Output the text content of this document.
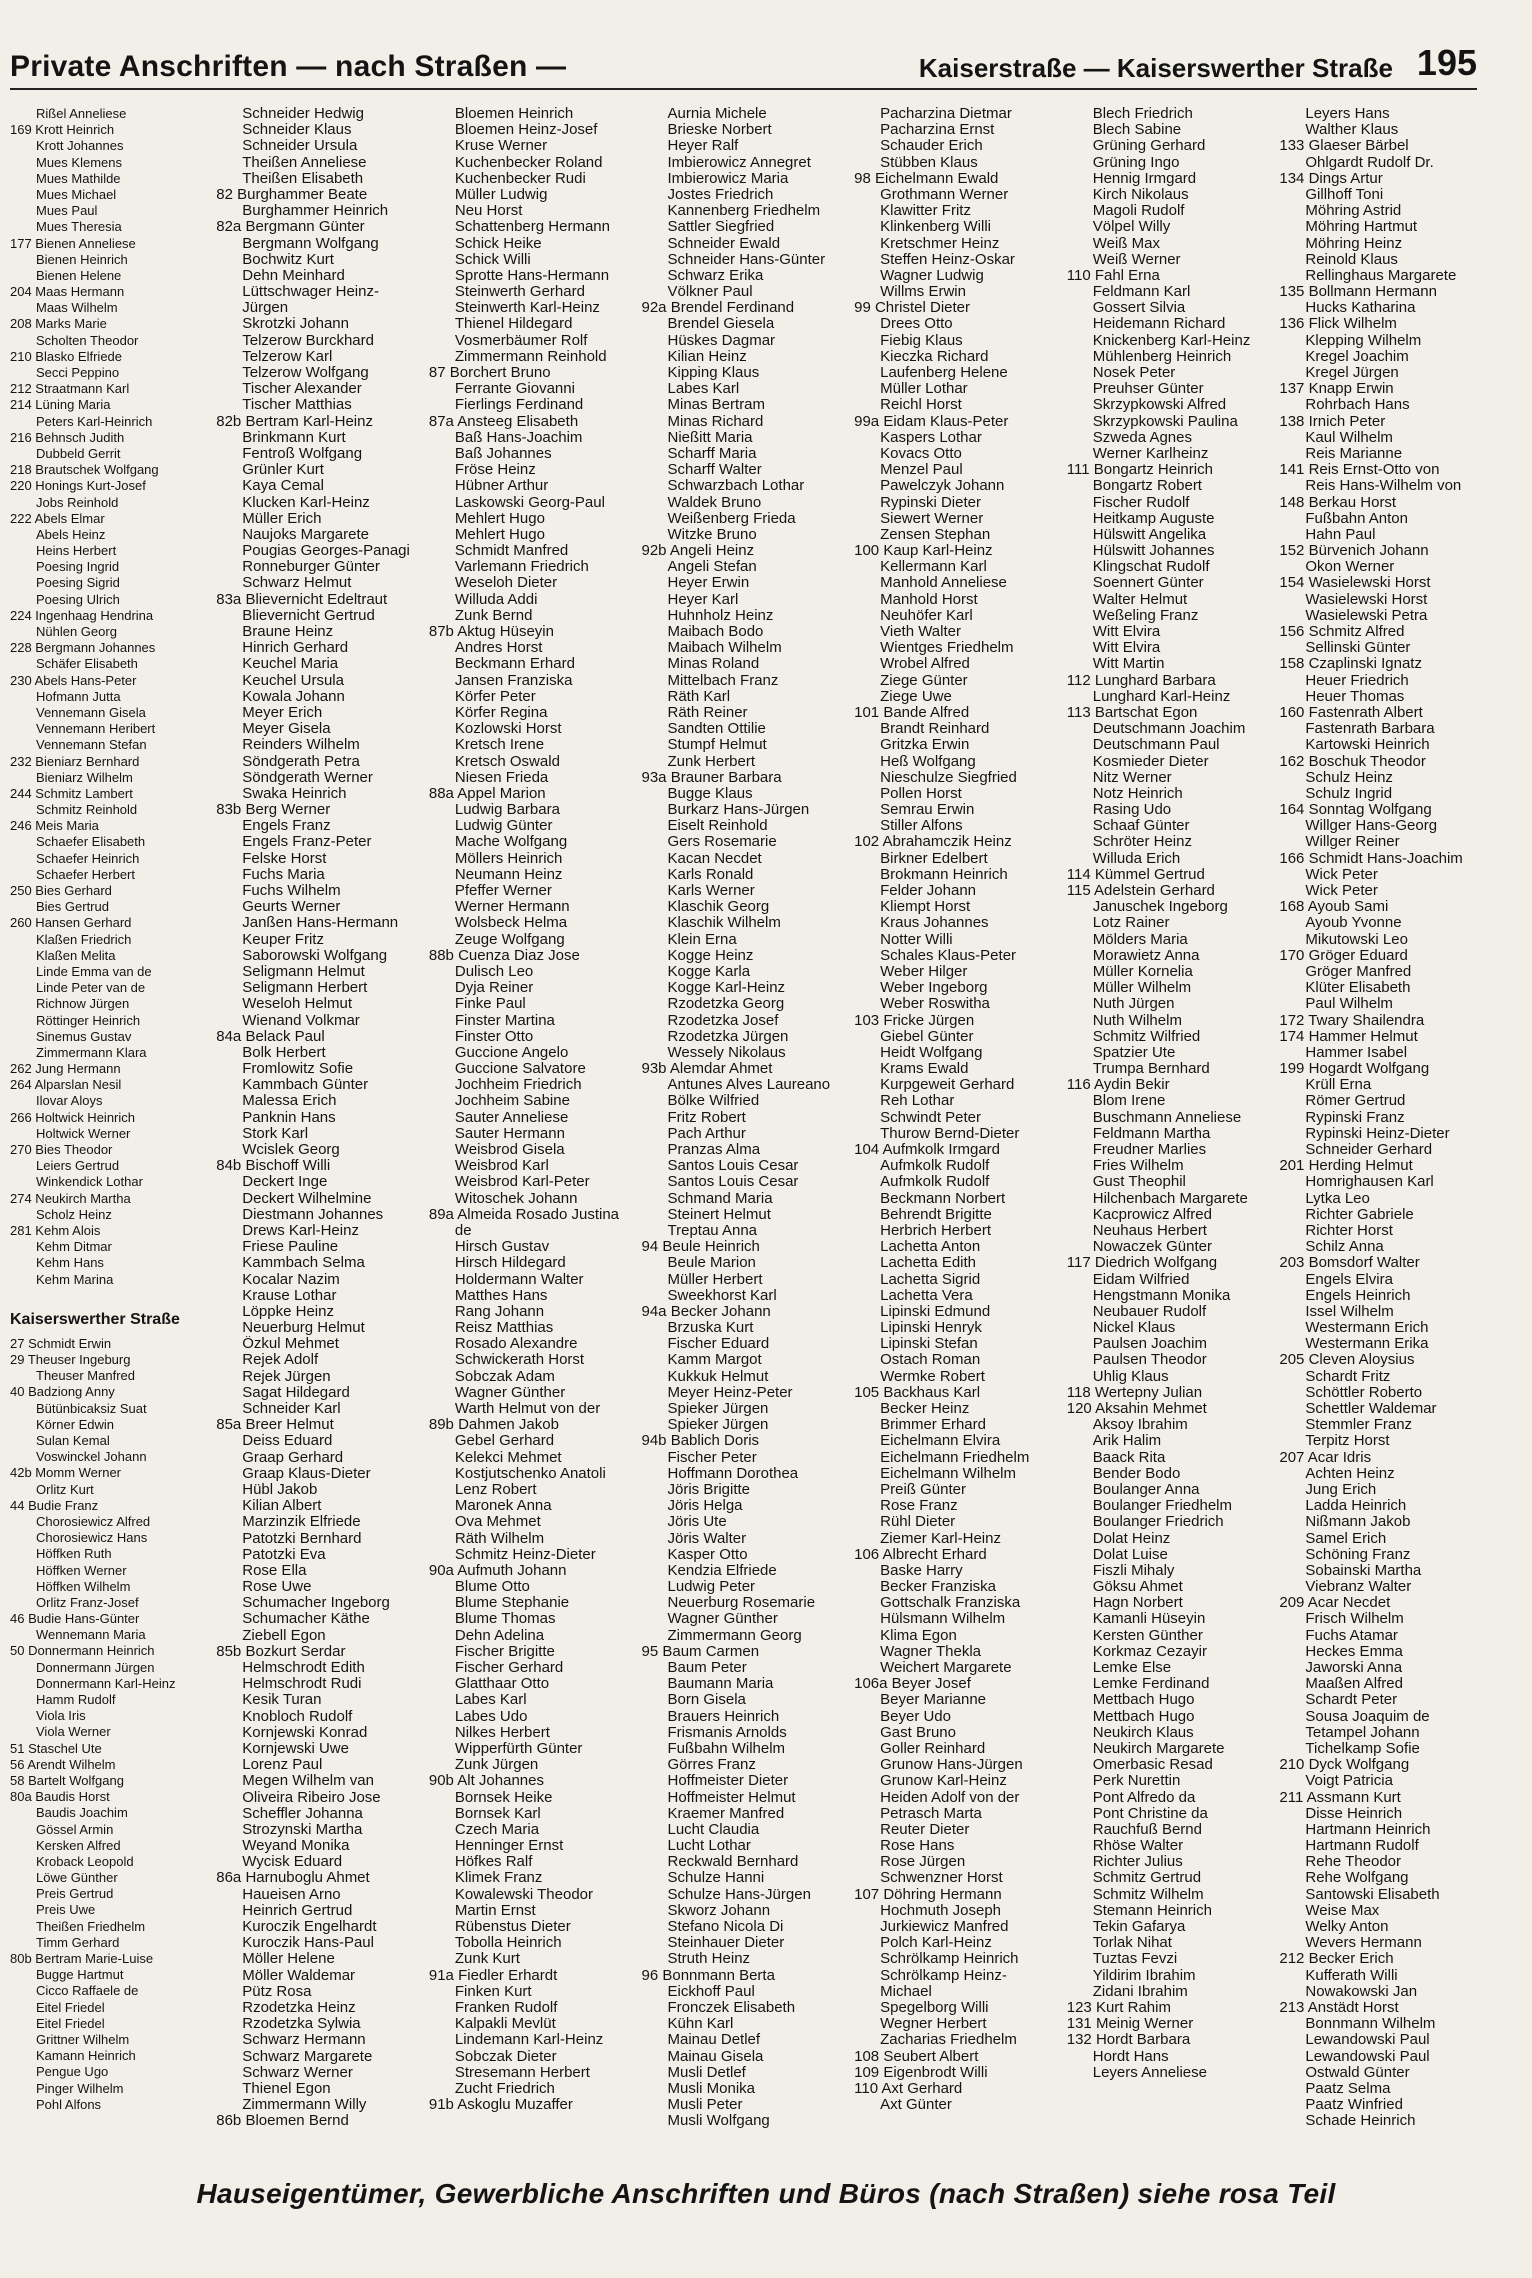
Private Anschriften — nach Straßen —	Kaiserstraße — Kaiserswerther Straße 195
Rißel Anneliese
169 Krott Heinrich
Krott Johannes
Mues Klemens
Mues Mathilde
Mues Michael
Mues Paul
Mues Theresia
177 Bienen Anneliese
Bienen Heinrich
Bienen Helene
204 Maas Hermann
Maas Wilhelm
208 Marks Marie
Scholten Theodor
210 Blasko Elfriede
Secci Peppino
212 Straatmann Karl
214 Lüning Maria
Peters Karl-Heinrich
216 Behnsch Judith
Dubbeld Gerrit
218 Brautschek Wolfgang
220 Honings Kurt-Josef
Jobs Reinhold
222 Abels Elmar
Abels Heinz
Heins Herbert
Poesing Ingrid
Poesing Sigrid
Poesing Ulrich
224 Ingenhaag Hendrina
Nühlen Georg
228 Bergmann Johannes
Schäfer Elisabeth
230 Abels Hans-Peter
Hofmann Jutta
Vennemann Gisela
Vennemann Heribert
Vennemann Stefan
232 Bieniarz Bernhard
Bieniarz Wilhelm
244 Schmitz Lambert
Schmitz Reinhold
246 Meis Maria
Schaefer Elisabeth
Schaefer Heinrich
Schaefer Herbert
250 Bies Gerhard
Bies Gertrud
260 Hansen Gerhard
Klaßen Friedrich
Klaßen Melita
Linde Emma van de
Linde Peter van de
Richnow Jürgen
Röttinger Heinrich
Sinemus Gustav
Zimmermann Klara
262 Jung Hermann
264 Alparslan Nesil
Ilovar Aloys
266 Holtwick Heinrich
Holtwick Werner
270 Bies Theodor
Leiers Gertrud
Winkendick Lothar
274 Neukirch Martha
Scholz Heinz
281 Kehm Alois
Kehm Ditmar
Kehm Hans
Kehm Marina
Kaiserswerther Straße
27 Schmidt Erwin
29 Theuser Ingeburg
Theuser Manfred
40 Badziong Anny
Bütünbicaksiz Suat
Körner Edwin
Sulan Kemal
Voswinckel Johann
42b Momm Werner
Orlitz Kurt
44 Budie Franz
Chorosiewicz Alfred
Chorosiewicz Hans
Höffken Ruth
Höffken Werner
Höffken Wilhelm
Orlitz Franz-Josef
46 Budie Hans-Günter
Wennemann Maria
50 Donnermann Heinrich
Donnermann Jürgen
Donnermann Karl-Heinz
Hamm Rudolf
Viola Iris
Viola Werner
51 Staschel Ute
56 Arendt Wilhelm
58 Bartelt Wolfgang
80a Baudis Horst
Baudis Joachim
Gössel Armin
Kersken Alfred
Kroback Leopold
Löwe Günther
Preis Gertrud
Preis Uwe
Theißen Friedhelm
Timm Gerhard
80b Bertram Marie-Luise
Bugge Hartmut
Cicco Raffaele de
Eitel Friedel
Eitel Friedel
Grittner Wilhelm
Kamann Heinrich
Pengue Ugo
Pinger Wilhelm
Pohl Alfons
Schneider Hedwig
Schneider Klaus
Schneider Ursula
Theißen Anneliese
Theißen Elisabeth
82 Burghammer Beate
Burghammer Heinrich
82a Bergmann Günter
Bergmann Wolfgang
Bochwitz Kurt
Dehn Meinhard
Lüttschwager Heinz-
Jürgen
Skrotzki Johann
Telzerow Burckhard
Telzerow Karl
Telzerow Wolfgang
Tischer Alexander
Tischer Matthias
82b Bertram Karl-Heinz
Brinkmann Kurt
Fentroß Wolfgang
Grünler Kurt
Kaya Cemal
Klucken Karl-Heinz
Müller Erich
Naujoks Margarete
Pougias Georges-Panagi
Ronneburger Günter
Schwarz Helmut
83a Blievernicht Edeltraut
Blievernicht Gertrud
Braune Heinz
Hinrich Gerhard
Keuchel Maria
Keuchel Ursula
Kowala Johann
Meyer Erich
Meyer Gisela
Reinders Wilhelm
Söndgerath Petra
Söndgerath Werner
Swaka Heinrich
83b Berg Werner
Engels Franz
Engels Franz-Peter
Felske Horst
Fuchs Maria
Fuchs Wilhelm
Geurts Werner
Janßen Hans-Hermann
Keuper Fritz
Saborowski Wolfgang
Seligmann Helmut
Seligmann Herbert
Weseloh Helmut
Wienand Volkmar
84a Belack Paul
Bolk Herbert
Fromlowitz Sofie
Kammbach Günter
Malessa Erich
Panknin Hans
Stork Karl
Wcislek Georg
84b Bischoff Willi
Deckert Inge
Deckert Wilhelmine
Diestmann Johannes
Drews Karl-Heinz
Friese Pauline
Kammbach Selma
Kocalar Nazim
Krause Lothar
Löppke Heinz
Neuerburg Helmut
Özkul Mehmet
Rejek Adolf
Rejek Jürgen
Sagat Hildegard
Schneider Karl
85a Breer Helmut
Deiss Eduard
Graap Gerhard
Graap Klaus-Dieter
Hübl Jakob
Kilian Albert
Marzinzik Elfriede
Patotzki Bernhard
Patotzki Eva
Rose Ella
Rose Uwe
Schumacher Ingeborg
Schumacher Käthe
Ziebell Egon
85b Bozkurt Serdar
Helmschrodt Edith
Helmschrodt Rudi
Kesik Turan
Knobloch Rudolf
Kornjewski Konrad
Kornjewski Uwe
Lorenz Paul
Megen Wilhelm van
Oliveira Ribeiro Jose
Scheffler Johanna
Strozynski Martha
Weyand Monika
Wycisk Eduard
86a Harnuboglu Ahmet
Haueisen Arno
Heinrich Gertrud
Kuroczik Engelhardt
Kuroczik Hans-Paul
Möller Helene
Möller Waldemar
Pütz Rosa
Rzodetzka Heinz
Rzodetzka Sylwia
Schwarz Hermann
Schwarz Margarete
Schwarz Werner
Thienel Egon
Zimmermann Willy
86b Bloemen Bernd
Bloemen Heinrich
Bloemen Heinz-Josef
Kruse Werner
Kuchenbecker Roland
Kuchenbecker Rudi
Müller Ludwig
Neu Horst
Schattenberg Hermann
Schick Heike
Schick Willi
Sprotte Hans-Hermann
Steinwerth Gerhard
Steinwerth Karl-Heinz
Thienel Hildegard
Vosmerbäumer Rolf
Zimmermann Reinhold
87 Borchert Bruno
Ferrante Giovanni
Fierlings Ferdinand
87a Ansteeg Elisabeth
Baß Hans-Joachim
Baß Johannes
Fröse Heinz
Hübner Arthur
Laskowski Georg-Paul
Mehlert Hugo
Mehlert Hugo
Schmidt Manfred
Varlemann Friedrich
Weseloh Dieter
Willuda Addi
Zunk Bernd
87b Aktug Hüseyin
Andres Horst
Beckmann Erhard
Jansen Franziska
Körfer Peter
Körfer Regina
Kozlowski Horst
Kretsch Irene
Kretsch Oswald
Niesen Frieda
88a Appel Marion
Ludwig Barbara
Ludwig Günter
Mache Wolfgang
Möllers Heinrich
Neumann Heinz
Pfeffer Werner
Werner Hermann
Wolsbeck Helma
Zeuge Wolfgang
88b Cuenza Diaz Jose
Dulisch Leo
Dyja Reiner
Finke Paul
Finster Martina
Finster Otto
Guccione Angelo
Guccione Salvatore
Jochheim Friedrich
Jochheim Sabine
Sauter Anneliese
Sauter Hermann
Weisbrod Gisela
Weisbrod Karl
Weisbrod Karl-Peter
Witoschek Johann
89a Almeida Rosado Justina
de
Hirsch Gustav
Hirsch Hildegard
Holdermann Walter
Matthes Hans
Rang Johann
Reisz Matthias
Rosado Alexandre
Schwickerath Horst
Sobczak Adam
Wagner Günther
Warth Helmut von der
89b Dahmen Jakob
Gebel Gerhard
Kelekci Mehmet
Kostjutschenko Anatoli
Lenz Robert
Maronek Anna
Ova Mehmet
Räth Wilhelm
Schmitz Heinz-Dieter
90a Aufmuth Johann
Blume Otto
Blume Stephanie
Blume Thomas
Dehn Adelina
Fischer Brigitte
Fischer Gerhard
Glatthaar Otto
Labes Karl
Labes Udo
Nilkes Herbert
Wipperfürth Günter
Zunk Jürgen
90b Alt Johannes
Bornsek Heike
Bornsek Karl
Czech Maria
Henninger Ernst
Höfkes Ralf
Klimek Franz
Kowalewski Theodor
Martin Ernst
Rübenstus Dieter
Tobolla Heinrich
Zunk Kurt
91a Fiedler Erhardt
Finken Kurt
Franken Rudolf
Kalpakli Mevlüt
Lindemann Karl-Heinz
Sobczak Dieter
Stresemann Herbert
Zucht Friedrich
91b Askoglu Muzaffer
Aurnia Michele
Brieske Norbert
Heyer Ralf
Imbierowicz Annegret
Imbierowicz Maria
Jostes Friedrich
Kannenberg Friedhelm
Sattler Siegfried
Schneider Ewald
Schneider Hans-Günter
Schwarz Erika
Völkner Paul
92a Brendel Ferdinand
Brendel Giesela
Hüskes Dagmar
Kilian Heinz
Kipping Klaus
Labes Karl
Minas Bertram
Minas Richard
Nießitt Maria
Scharff Maria
Scharff Walter
Schwarzbach Lothar
Waldek Bruno
Weißenberg Frieda
Witzke Bruno
92b Angeli Heinz
Angeli Stefan
Heyer Erwin
Heyer Karl
Huhnholz Heinz
Maibach Bodo
Maibach Wilhelm
Minas Roland
Mittelbach Franz
Räth Karl
Räth Reiner
Sandten Ottilie
Stumpf Helmut
Zunk Herbert
93a Brauner Barbara
Bugge Klaus
Burkarz Hans-Jürgen
Eiselt Reinhold
Gers Rosemarie
Kacan Necdet
Karls Ronald
Karls Werner
Klaschik Georg
Klaschik Wilhelm
Klein Erna
Kogge Heinz
Kogge Karla
Kogge Karl-Heinz
Rzodetzka Georg
Rzodetzka Josef
Rzodetzka Jürgen
Wessely Nikolaus
93b Alemdar Ahmet
Antunes Alves Laureano
Bölke Wilfried
Fritz Robert
Pach Arthur
Pranzas Alma
Santos Louis Cesar
Santos Louis Cesar
Schmand Maria
Steinert Helmut
Treptau Anna
94 Beule Heinrich
Beule Marion
Müller Herbert
Sweekhorst Karl
94a Becker Johann
Brzuska Kurt
Fischer Eduard
Kamm Margot
Kukkuk Helmut
Meyer Heinz-Peter
Spieker Jürgen
Spieker Jürgen
94b Bablich Doris
Fischer Peter
Hoffmann Dorothea
Jöris Brigitte
Jöris Helga
Jöris Ute
Jöris Walter
Kasper Otto
Kendzia Elfriede
Ludwig Peter
Neuerburg Rosemarie
Wagner Günther
Zimmermann Georg
95 Baum Carmen
Baum Peter
Baumann Maria
Born Gisela
Brauers Heinrich
Frismanis Arnolds
Fußbahn Wilhelm
Görres Franz
Hoffmeister Dieter
Hoffmeister Helmut
Kraemer Manfred
Lucht Claudia
Lucht Lothar
Reckwald Bernhard
Schulze Hanni
Schulze Hans-Jürgen
Skworz Johann
Stefano Nicola Di
Steinhauer Dieter
Struth Heinz
96 Bonnmann Berta
Eickhoff Paul
Fronczek Elisabeth
Kühn Karl
Mainau Detlef
Mainau Gisela
Musli Detlef
Musli Monika
Musli Peter
Musli Wolfgang
Pacharzina Dietmar
Pacharzina Ernst
Schauder Erich
Stübben Klaus
98 Eichelmann Ewald
Grothmann Werner
Klawitter Fritz
Klinkenberg Willi
Kretschmer Heinz
Steffen Heinz-Oskar
Wagner Ludwig
Willms Erwin
99 Christel Dieter
Drees Otto
Fiebig Klaus
Kieczka Richard
Laufenberg Helene
Müller Lothar
Reichl Horst
99a Eidam Klaus-Peter
Kaspers Lothar
Kovacs Otto
Menzel Paul
Pawelczyk Johann
Rypinski Dieter
Siewert Werner
Zensen Stephan
100 Kaup Karl-Heinz
Kellermann Karl
Manhold Anneliese
Manhold Horst
Neuhöfer Karl
Vieth Walter
Wientges Friedhelm
Wrobel Alfred
Ziege Günter
Ziege Uwe
101 Bande Alfred
Brandt Reinhard
Gritzka Erwin
Heß Wolfgang
Nieschulze Siegfried
Pollen Horst
Semrau Erwin
Stiller Alfons
102 Abrahamczik Heinz
Birkner Edelbert
Brokmann Heinrich
Felder Johann
Kliempt Horst
Kraus Johannes
Notter Willi
Schales Klaus-Peter
Weber Hilger
Weber Ingeborg
Weber Roswitha
103 Fricke Jürgen
Giebel Günter
Heidt Wolfgang
Krams Ewald
Kurpgeweit Gerhard
Reh Lothar
Schwindt Peter
Thurow Bernd-Dieter
104 Aufmkolk Irmgard
Aufmkolk Rudolf
Aufmkolk Rudolf
Beckmann Norbert
Behrendt Brigitte
Herbrich Herbert
Lachetta Anton
Lachetta Edith
Lachetta Sigrid
Lachetta Vera
Lipinski Edmund
Lipinski Henryk
Lipinski Stefan
Ostach Roman
Wermke Robert
105 Backhaus Karl
Becker Heinz
Brimmer Erhard
Eichelmann Elvira
Eichelmann Friedhelm
Eichelmann Wilhelm
Preiß Günter
Rose Franz
Rühl Dieter
Ziemer Karl-Heinz
106 Albrecht Erhard
Baske Harry
Becker Franziska
Gottschalk Franziska
Hülsmann Wilhelm
Klima Egon
Wagner Thekla
Weichert Margarete
106a Beyer Josef
Beyer Marianne
Beyer Udo
Gast Bruno
Goller Reinhard
Grunow Hans-Jürgen
Grunow Karl-Heinz
Heiden Adolf von der
Petrasch Marta
Reuter Dieter
Rose Hans
Rose Jürgen
Schwenzner Horst
107 Döhring Hermann
Hochmuth Joseph
Jurkiewicz Manfred
Polch Karl-Heinz
Schrölkamp Heinrich
Schrölkamp Heinz-
Michael
Spegelborg Willi
Wegner Herbert
Zacharias Friedhelm
108 Seubert Albert
109 Eigenbrodt Willi
110 Axt Gerhard
Axt Günter
Blech Friedrich
Blech Sabine
Grüning Gerhard
Grüning Ingo
Hennig Irmgard
Kirch Nikolaus
Magoli Rudolf
Völpel Willy
Weiß Max
Weiß Werner
110 Fahl Erna
Feldmann Karl
Gossert Silvia
Heidemann Richard
Knickenberg Karl-Heinz
Mühlenberg Heinrich
Nosek Peter
Preuhser Günter
Skrzypkowski Alfred
Skrzypkowski Paulina
Szweda Agnes
Werner Karlheinz
111 Bongartz Heinrich
Bongartz Robert
Fischer Rudolf
Heitkamp Auguste
Hülswitt Angelika
Hülswitt Johannes
Klingschat Rudolf
Soennert Günter
Walter Helmut
Weßeling Franz
Witt Elvira
Witt Elvira
Witt Martin
112 Lunghard Barbara
Lunghard Karl-Heinz
113 Bartschat Egon
Deutschmann Joachim
Deutschmann Paul
Kosmieder Dieter
Nitz Werner
Notz Heinrich
Rasing Udo
Schaaf Günter
Schröter Heinz
Willuda Erich
114 Kümmel Gertrud
115 Adelstein Gerhard
Januschek Ingeborg
Lotz Rainer
Mölders Maria
Morawietz Anna
Müller Kornelia
Müller Wilhelm
Nuth Jürgen
Nuth Wilhelm
Schmitz Wilfried
Spatzier Ute
Trumpa Bernhard
116 Aydin Bekir
Blom Irene
Buschmann Anneliese
Feldmann Martha
Freudner Marlies
Fries Wilhelm
Gust Theophil
Hilchenbach Margarete
Kacprowicz Alfred
Neuhaus Herbert
Nowaczek Günter
117 Diedrich Wolfgang
Eidam Wilfried
Hengstmann Monika
Neubauer Rudolf
Nickel Klaus
Paulsen Joachim
Paulsen Theodor
Uhlig Klaus
118 Wertepny Julian
120 Aksahin Mehmet
Aksoy Ibrahim
Arik Halim
Baack Rita
Bender Bodo
Boulanger Anna
Boulanger Friedhelm
Boulanger Friedrich
Dolat Heinz
Dolat Luise
Fiszli Mihaly
Göksu Ahmet
Hagn Norbert
Kamanli Hüseyin
Kersten Günther
Korkmaz Cezayir
Lemke Else
Lemke Ferdinand
Mettbach Hugo
Mettbach Hugo
Neukirch Klaus
Neukirch Margarete
Omerbasic Resad
Perk Nurettin
Pont Alfredo da
Pont Christine da
Rauchfuß Bernd
Rhöse Walter
Richter Julius
Schmitz Gertrud
Schmitz Wilhelm
Stemann Heinrich
Tekin Gafarya
Torlak Nihat
Tuztas Fevzi
Yildirim Ibrahim
Zidani Ibrahim
123 Kurt Rahim
131 Meinig Werner
132 Hordt Barbara
Hordt Hans
Leyers Anneliese
Leyers Hans
Walther Klaus
133 Glaeser Bärbel
Ohlgardt Rudolf Dr.
134 Dings Artur
Gillhoff Toni
Möhring Astrid
Möhring Hartmut
Möhring Heinz
Reinold Klaus
Rellinghaus Margarete
135 Bollmann Hermann
Hucks Katharina
136 Flick Wilhelm
Klepping Wilhelm
Kregel Joachim
Kregel Jürgen
137 Knapp Erwin
Rohrbach Hans
138 Irnich Peter
Kaul Wilhelm
Reis Marianne
141 Reis Ernst-Otto von
Reis Hans-Wilhelm von
148 Berkau Horst
Fußbahn Anton
Hahn Paul
152 Bürvenich Johann
Okon Werner
154 Wasielewski Horst
Wasielewski Horst
Wasielewski Petra
156 Schmitz Alfred
Sellinski Günter
158 Czaplinski Ignatz
Heuer Friedrich
Heuer Thomas
160 Fastenrath Albert
Fastenrath Barbara
Kartowski Heinrich
162 Boschuk Theodor
Schulz Heinz
Schulz Ingrid
164 Sonntag Wolfgang
Willger Hans-Georg
Willger Reiner
166 Schmidt Hans-Joachim
Wick Peter
Wick Peter
168 Ayoub Sami
Ayoub Yvonne
Mikutowski Leo
170 Gröger Eduard
Gröger Manfred
Klüter Elisabeth
Paul Wilhelm
172 Twary Shailendra
174 Hammer Helmut
Hammer Isabel
199 Hogardt Wolfgang
Krüll Erna
Römer Gertrud
Rypinski Franz
Rypinski Heinz-Dieter
Schneider Gerhard
201 Herding Helmut
Homrighausen Karl
Lytka Leo
Richter Gabriele
Richter Horst
Schilz Anna
203 Bomsdorf Walter
Engels Elvira
Engels Heinrich
Issel Wilhelm
Westermann Erich
Westermann Erika
205 Cleven Aloysius
Schardt Fritz
Schöttler Roberto
Schettler Waldemar
Stemmler Franz
Terpitz Horst
207 Acar Idris
Achten Heinz
Jung Erich
Ladda Heinrich
Nißmann Jakob
Samel Erich
Schöning Franz
Sobainski Martha
Viebranz Walter
209 Acar Necdet
Frisch Wilhelm
Fuchs Atamar
Heckes Emma
Jaworski Anna
Maaßen Alfred
Schardt Peter
Sousa Joaquim de
Tetampel Johann
Tichelkamp Sofie
210 Dyck Wolfgang
Voigt Patricia
211 Assmann Kurt
Disse Heinrich
Hartmann Heinrich
Hartmann Rudolf
Rehe Theodor
Rehe Wolfgang
Santowski Elisabeth
Weise Max
Welky Anton
Wevers Hermann
212 Becker Erich
Kufferath Willi
Nowakowski Jan
213 Anstädt Horst
Bonnmann Wilhelm
Lewandowski Paul
Lewandowski Paul
Ostwald Günter
Paatz Selma
Paatz Winfried
Schade Heinrich
Hauseigentümer, Gewerbliche Anschriften und Büros (nach Straßen) siehe rosa Teil
